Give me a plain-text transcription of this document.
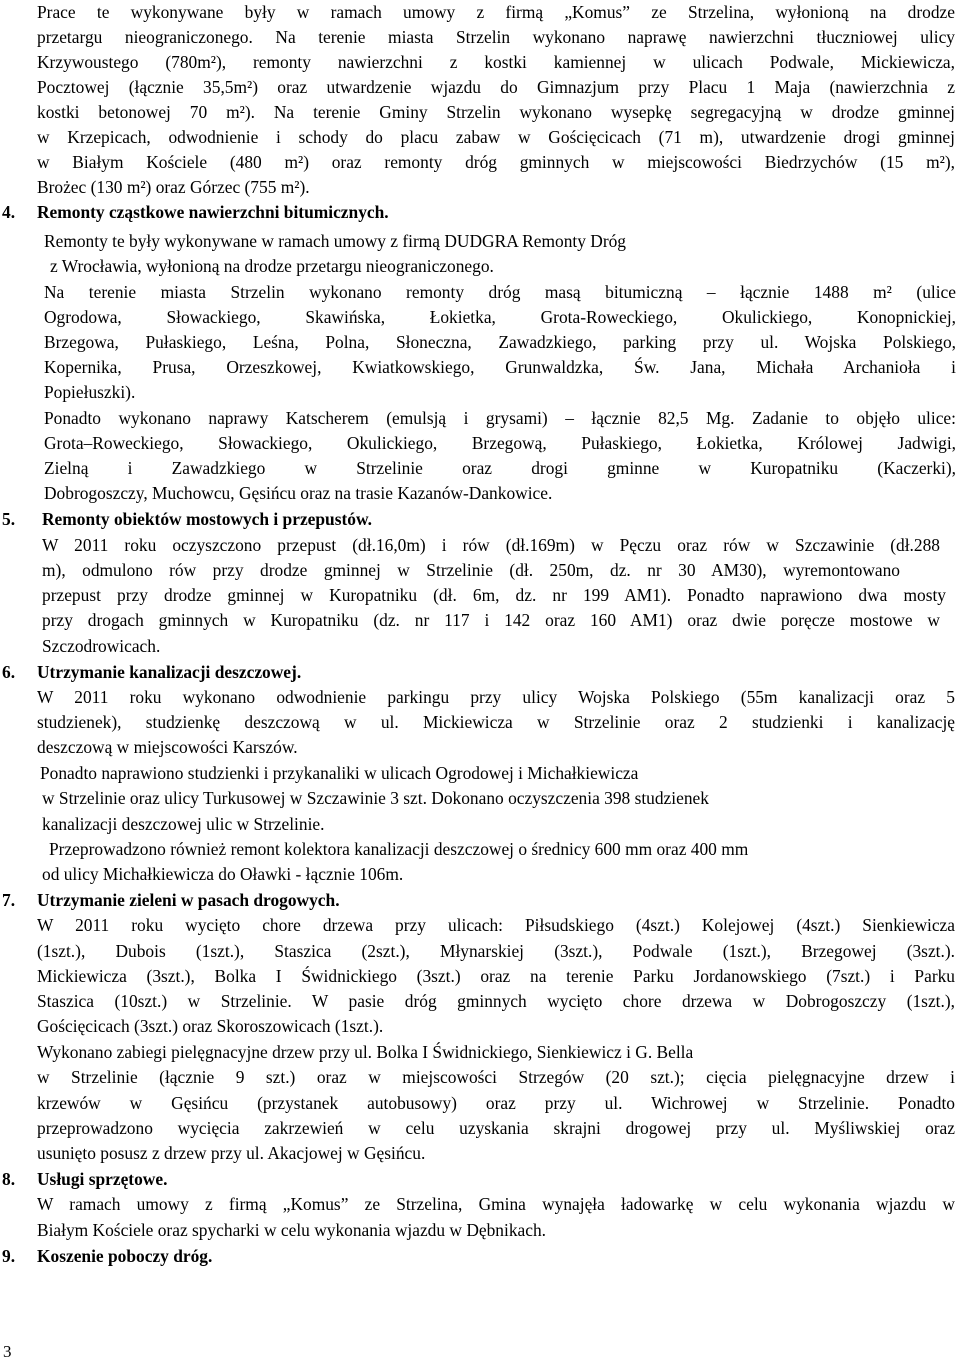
Prace te wykonywane były w ramach umowy z firmą „Komus” ze Strzelina, wyłonioną na drodze
przetargu nieograniczonego. Na terenie miasta Strzelin wykonano naprawę nawierzchni tłuczniowej ulicy
Krzywoustego (780m²), remonty nawierzchni z kostki kamiennej w ulicach Podwale, Mickiewicza,
Pocztowej (łącznie 35,5m²) oraz utwardzenie wjazdu do Gimnazjum przy Placu 1 Maja (nawierzchnia z
kostki betonowej 70 m²). Na terenie Gminy Strzelin wykonano wysepkę segregacyjną w drodze gminnej
w Krzepicach, odwodnienie i schody do placu zabaw w Gościęcicach (71 m), utwardzenie drogi gminnej
w Białym Kościele (480 m²) oraz remonty dróg gminnych w miejscowości Biedrzychów (15 m²),
Brożec (130 m²) oraz Górzec (755 m²).
4. Remonty cząstkowe nawierzchni bitumicznych.
Remonty te były wykonywane w ramach umowy z firmą DUDGRA Remonty Dróg
z Wrocławia, wyłonioną na drodze przetargu nieograniczonego.
Na terenie miasta Strzelin wykonano remonty dróg masą bitumiczną – łącznie 1488 m² (ulice
Ogrodowa, Słowackiego, Skawińska, Łokietka, Grota-Roweckiego, Okulickiego, Konopnickiej,
Brzegowa, Pułaskiego, Leśna, Polna, Słoneczna, Zawadzkiego, parking przy ul. Wojska Polskiego,
Kopernika, Prusa, Orzeszkowej, Kwiatkowskiego, Grunwaldzka, Św. Jana, Michała Archanioła i
Popiełuszki).
Ponadto wykonano naprawy Katscherem (emulsją i grysami) – łącznie 82,5 Mg. Zadanie to objęło ulice:
Grota–Roweckiego, Słowackiego, Okulickiego, Brzegową, Pułaskiego, Łokietka, Królowej Jadwigi,
Zielną i Zawadzkiego w Strzelinie oraz drogi gminne w Kuropatniku (Kaczerki),
Dobrogoszczy, Muchowcu, Gęsińcu oraz na trasie Kazanów-Dankowice.
5. Remonty obiektów mostowych i przepustów.
W 2011 roku oczyszczono przepust (dł.16,0m) i rów (dł.169m) w Pęczu oraz rów w Szczawinie (dł.288
m), odmulono rów przy drodze gminnej w Strzelinie (dł. 250m, dz. nr 30 AM30), wyremontowano
przepust przy drodze gminnej w Kuropatniku (dł. 6m, dz. nr 199 AM1). Ponadto naprawiono dwa mosty
przy drogach gminnych w Kuropatniku (dz. nr 117 i 142 oraz 160 AM1) oraz dwie poręcze mostowe w
Szczodrowicach.
6. Utrzymanie kanalizacji deszczowej.
W 2011 roku wykonano odwodnienie parkingu przy ulicy Wojska Polskiego (55m kanalizacji oraz 5
studzienek), studzienkę deszczową w ul. Mickiewicza w Strzelinie oraz 2 studzienki i kanalizację
deszczową w miejscowości Karszów.
Ponadto naprawiono studzienki i przykanaliki w ulicach Ogrodowej i Michałkiewicza
w Strzelinie oraz ulicy Turkusowej w Szczawinie 3 szt. Dokonano oczyszczenia 398 studzienek
kanalizacji deszczowej ulic w Strzelinie.
Przeprowadzono również remont kolektora kanalizacji deszczowej o średnicy 600 mm oraz 400 mm
od ulicy Michałkiewicza do Oławki - łącznie 106m.
7. Utrzymanie zieleni w pasach drogowych.
W 2011 roku wycięto chore drzewa przy ulicach: Piłsudskiego (4szt.) Kolejowej (4szt.) Sienkiewicza
(1szt.), Dubois (1szt.), Staszica (2szt.), Młynarskiej (3szt.), Podwale (1szt.), Brzegowej (3szt.).
Mickiewicza (3szt.), Bolka I Świdnickiego (3szt.) oraz na terenie Parku Jordanowskiego (7szt.) i Parku
Staszica (10szt.) w Strzelinie. W pasie dróg gminnych wycięto chore drzewa w Dobrogoszczy (1szt.),
Gościęcicach (3szt.) oraz Skoroszowicach (1szt.).
Wykonano zabiegi pielęgnacyjne drzew przy ul. Bolka I Świdnickiego, Sienkiewicz i G. Bella
w Strzelinie (łącznie 9 szt.) oraz w miejscowości Strzegów (20 szt.); cięcia pielęgnacyjne drzew i
krzewów w Gęsińcu (przystanek autobusowy) oraz przy ul. Wichrowej w Strzelinie. Ponadto
przeprowadzono wycięcia zakrzewień w celu uzyskania skrajni drogowej przy ul. Myśliwskiej oraz
usunięto posusz z drzew przy ul. Akacjowej w Gęsińcu.
8. Usługi sprzętowe.
W ramach umowy z firmą „Komus” ze Strzelina, Gmina wynajęła ładowarkę w celu wykonania wjazdu w
Białym Kościele oraz spycharki w celu wykonania wjazdu w Dębnikach.
9. Koszenie poboczy dróg.
3
